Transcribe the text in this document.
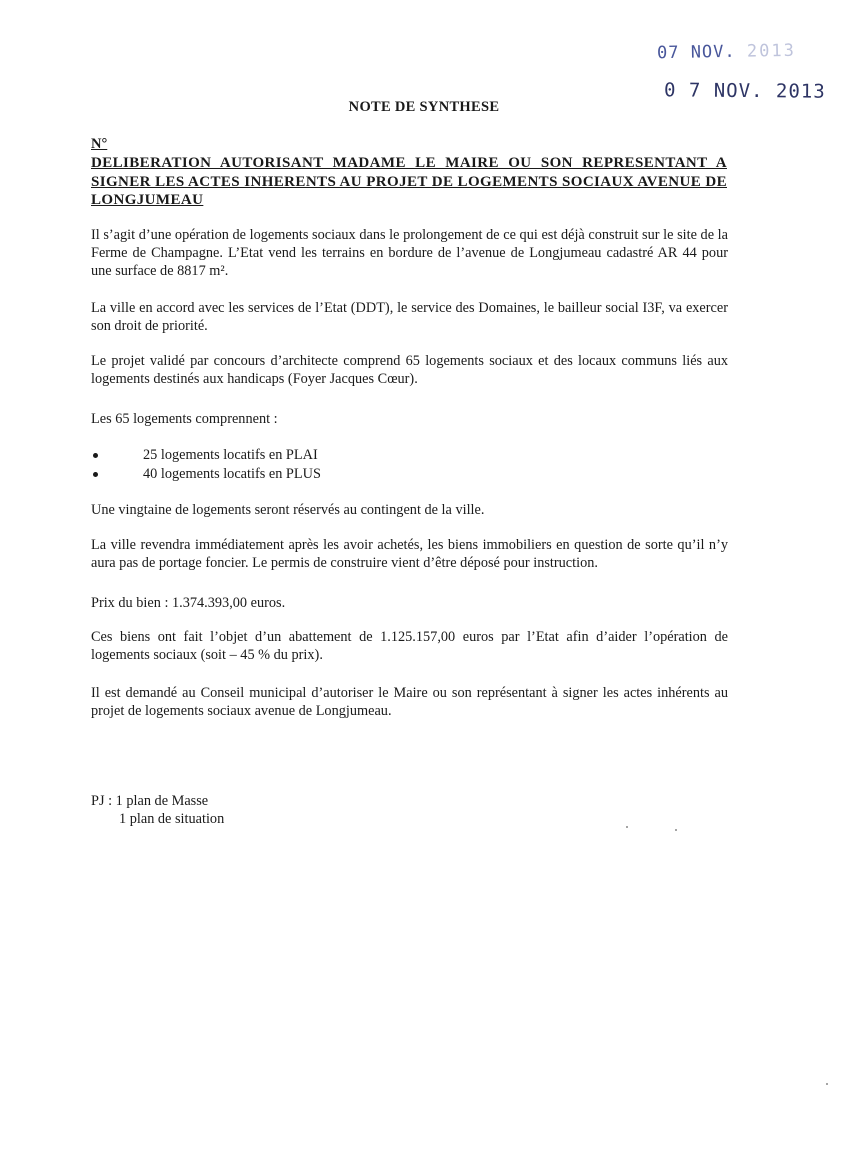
07 NOV. 2013
0 7 NOV. 2013
NOTE DE SYNTHESE
N°
DELIBERATION AUTORISANT MADAME LE MAIRE OU SON REPRESENTANT A
SIGNER LES ACTES INHERENTS AU PROJET DE LOGEMENTS SOCIAUX AVENUE DE
LONGJUMEAU
Il s’agit d’une opération de logements sociaux dans le prolongement de ce qui est déjà construit sur le site de la Ferme de Champagne. L’Etat vend les terrains en bordure de l’avenue de Longjumeau cadastré AR 44 pour une surface de 8817 m².
La ville en accord avec les services de l’Etat (DDT), le service des Domaines, le bailleur social I3F, va exercer son droit de priorité.
Le projet validé par concours d’architecte comprend 65 logements sociaux et des locaux communs liés aux logements destinés aux handicaps (Foyer Jacques Cœur).
Les 65 logements comprennent :
25 logements locatifs en PLAI
40 logements locatifs en PLUS
Une vingtaine de logements seront réservés au contingent de la ville.
La ville revendra immédiatement après les avoir achetés, les biens immobiliers en question de sorte qu’il n’y aura pas de portage foncier. Le permis de construire vient d’être déposé pour instruction.
Prix du bien : 1.374.393,00 euros.
Ces biens ont fait l’objet d’un abattement de 1.125.157,00 euros par l’Etat afin d’aider l’opération de logements sociaux (soit – 45 % du prix).
Il est demandé au Conseil municipal d’autoriser le Maire ou son représentant à signer les actes inhérents au projet de logements sociaux avenue de Longjumeau.
PJ : 1 plan de Masse
1 plan de situation
